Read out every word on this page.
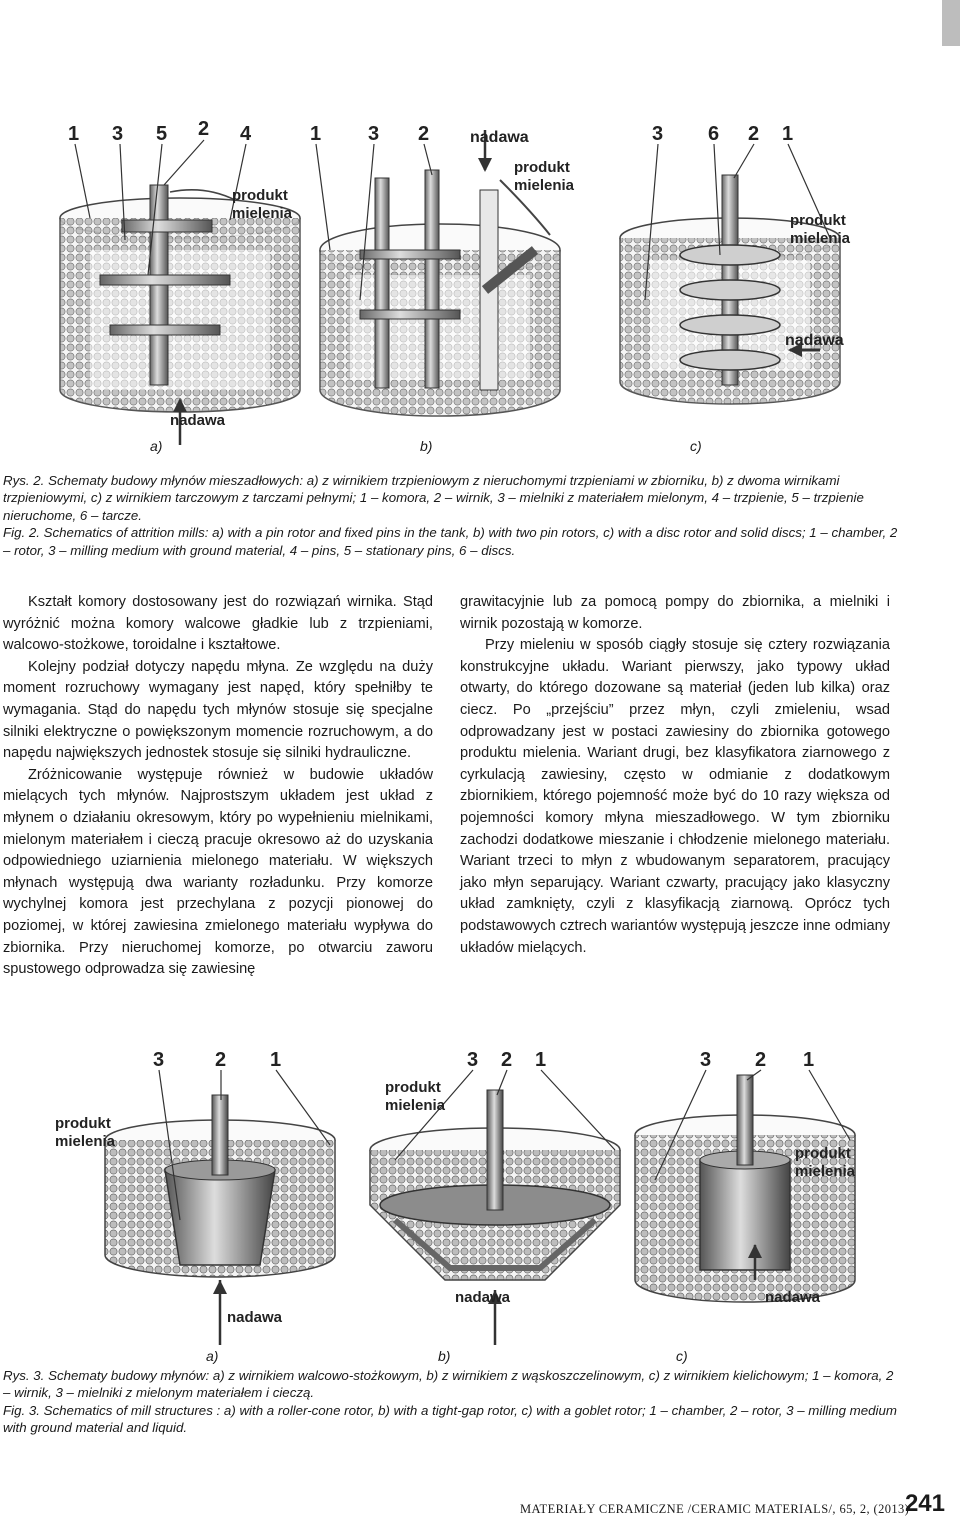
1 3 5 2 4
produkt
mielenia
nadawa
1 3 2	nadawa
produkt
mielenia
3 6 2 1
produkt
mielenia
nadawa
a)	b)	c)

Rys. 2. Schematy budowy młynów mieszadłowych: a) z wirnikiem trzpieniowym z nieruchomymi trzpieniami w zbiorniku, b) z dwoma wirnikami trzpieniowymi, c) z wirnikiem tarczowym z tarczami pełnymi; 1 – komora, 2 – wirnik, 3 – mielniki z materiałem mielonym, 4 – trzpienie, 5 – trzpienie nieruchome, 6 – tarcze.

Fig. 2. Schematics of attrition mills: a) with a pin rotor and fixed pins in the tank, b) with two pin rotors, c) with a disc rotor and solid discs; 1 – chamber, 2 – rotor, 3 – milling medium with ground material, 4 – pins, 5 – stationary pins, 6 – discs.

Kształt komory dostosowany jest do rozwiązań wirnika. Stąd wyróżnić można komory walcowe gładkie lub z trzpieniami, walcowo-stożkowe, toroidalne i kształtowe.

Kolejny podział dotyczy napędu młyna. Ze względu na duży moment rozruchowy wymagany jest napęd, który spełniłby te wymagania. Stąd do napędu tych młynów stosuje się specjalne silniki elektryczne o powiększonym momencie rozruchowym, a do napędu największych jednostek stosuje się silniki hydrauliczne.

Zróżnicowanie występuje również w budowie układów mielących tych młynów. Najprostszym układem jest układ z młynem o działaniu okresowym, który po wypełnieniu mielnikami, mielonym materiałem i cieczą pracuje okresowo aż do uzyskania odpowiedniego uziarnienia mielonego materiału. W większych młynach występują dwa warianty rozładunku. Przy komorze wychylnej komora jest przechylana z pozycji pionowej do poziomej, w której zawiesina zmielonego materiału wypływa do zbiornika. Przy nieruchomej komorze, po otwarciu zaworu spustowego odprowadza się zawiesinę

grawitacyjnie lub za pomocą pompy do zbiornika, a mielniki i wirnik pozostają w komorze.

Przy mieleniu w sposób ciągły stosuje się cztery rozwiązania konstrukcyjne układu. Wariant pierwszy, jako typowy układ otwarty, do którego dozowane są materiał (jeden lub kilka) oraz ciecz. Po „przejściu” przez młyn, czyli zmieleniu, wsad odprowadzany jest w postaci zawiesiny do zbiornika gotowego produktu mielenia. Wariant drugi, bez klasyfikatora ziarnowego z cyrkulacją zawiesiny, często w odmianie z dodatkowym zbiornikiem, którego pojemność może być do 10 razy większa od pojemności komory młyna mieszadłowego. W tym zbiorniku zachodzi dodatkowe mieszanie i chłodzenie mielonego materiału. Wariant trzeci to młyn z wbudowanym separatorem, pracujący jako młyn separujący. Wariant czwarty, pracujący jako klasyczny układ zamknięty, czyli z klasyfikacją ziarnową. Oprócz tych podstawowych cztrech wariantów występują jeszcze inne odmiany układów mielących.

3	2 1
produkt
mielenia
nadawa
3 2 1
produkt
mielenia
nadawa
3 2 1
produkt
mielenia
nadawa
a)	b)	c)

Rys. 3. Schematy budowy młynów: a) z wirnikiem walcowo-stożkowym, b) z wirnikiem z wąskoszczelinowym, c) z wirnikiem kielichowym; 1 – komora, 2 – wirnik, 3 – mielniki z mielonym materiałem i cieczą.

Fig. 3. Schematics of mill structures : a) with a roller-cone rotor, b) with a tight-gap rotor, c) with a goblet rotor; 1 – chamber, 2 – rotor, 3 – milling medium with ground material and liquid.

MATERIAŁY CERAMICZNE /CERAMIC MATERIALS/, 65, 2, (2013)
241
